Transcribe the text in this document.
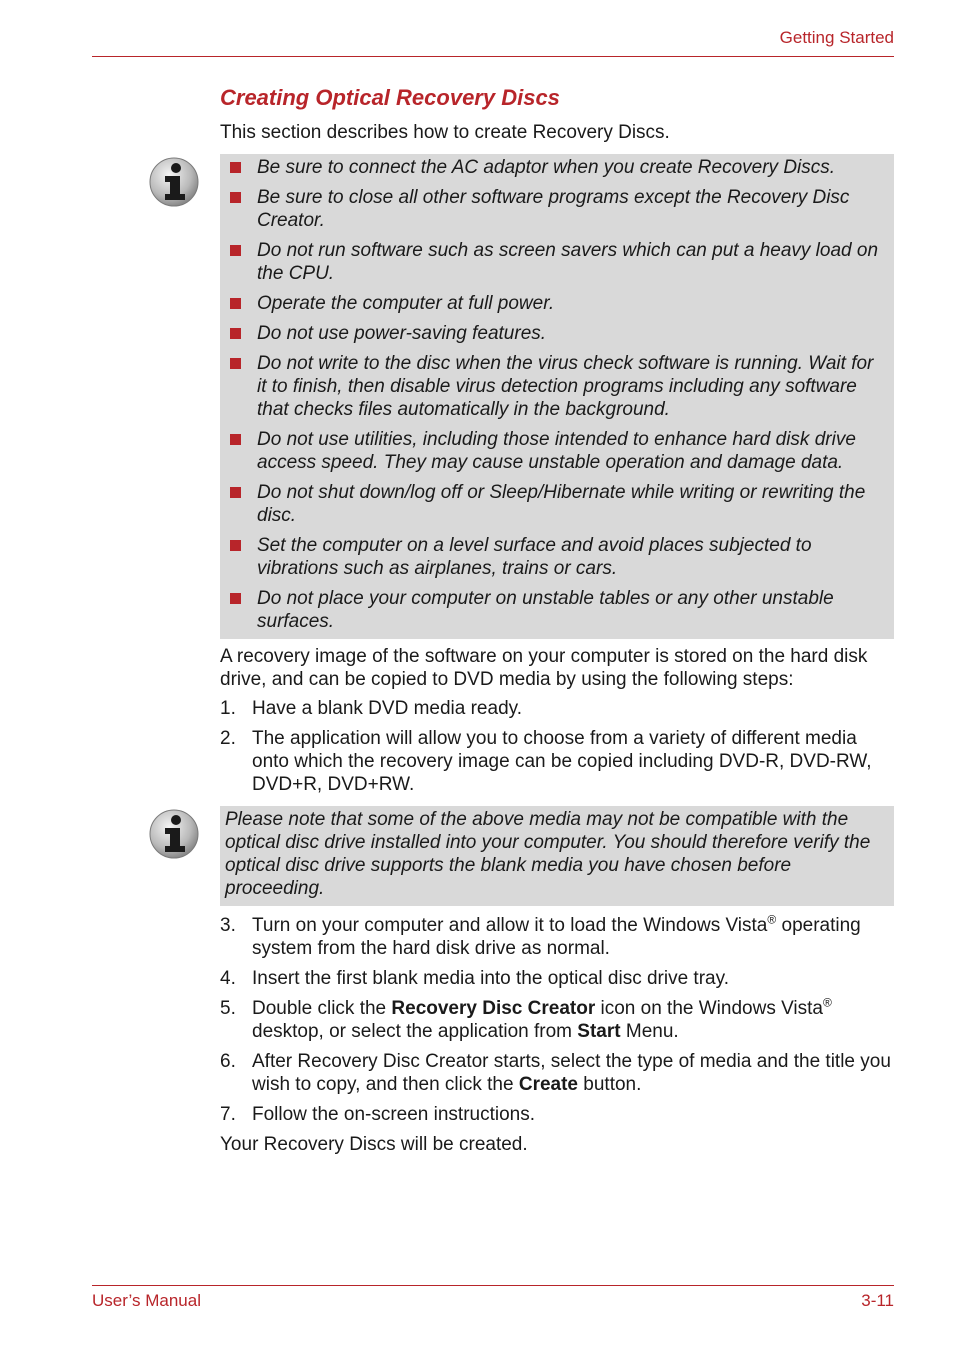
Getting Started
Creating Optical Recovery Discs

This section describes how to create Recovery Discs.

Be sure to connect the AC adaptor when you create Recovery Discs.
Be sure to close all other software programs except the Recovery Disc Creator.
Do not run software such as screen savers which can put a heavy load on the CPU.
Operate the computer at full power.
Do not use power-saving features.
Do not write to the disc when the virus check software is running. Wait for it to finish, then disable virus detection programs including any software that checks files automatically in the background.
Do not use utilities, including those intended to enhance hard disk drive access speed. They may cause unstable operation and damage data.
Do not shut down/log off or Sleep/Hibernate while writing or rewriting the disc.
Set the computer on a level surface and avoid places subjected to vibrations such as airplanes, trains or cars.
Do not place your computer on unstable tables or any other unstable surfaces.

A recovery image of the software on your computer is stored on the hard disk drive, and can be copied to DVD media by using the following steps:

1. Have a blank DVD media ready.
2. The application will allow you to choose from a variety of different media onto which the recovery image can be copied including DVD-R, DVD-RW, DVD+R, DVD+RW.

Please note that some of the above media may not be compatible with the optical disc drive installed into your computer. You should therefore verify the optical disc drive supports the blank media you have chosen before proceeding.

3. Turn on your computer and allow it to load the Windows Vista® operating system from the hard disk drive as normal.
4. Insert the first blank media into the optical disc drive tray.
5. Double click the Recovery Disc Creator icon on the Windows Vista® desktop, or select the application from Start Menu.
6. After Recovery Disc Creator starts, select the type of media and the title you wish to copy, and then click the Create button.
7. Follow the on-screen instructions.

Your Recovery Discs will be created.

User’s Manual	3-11
